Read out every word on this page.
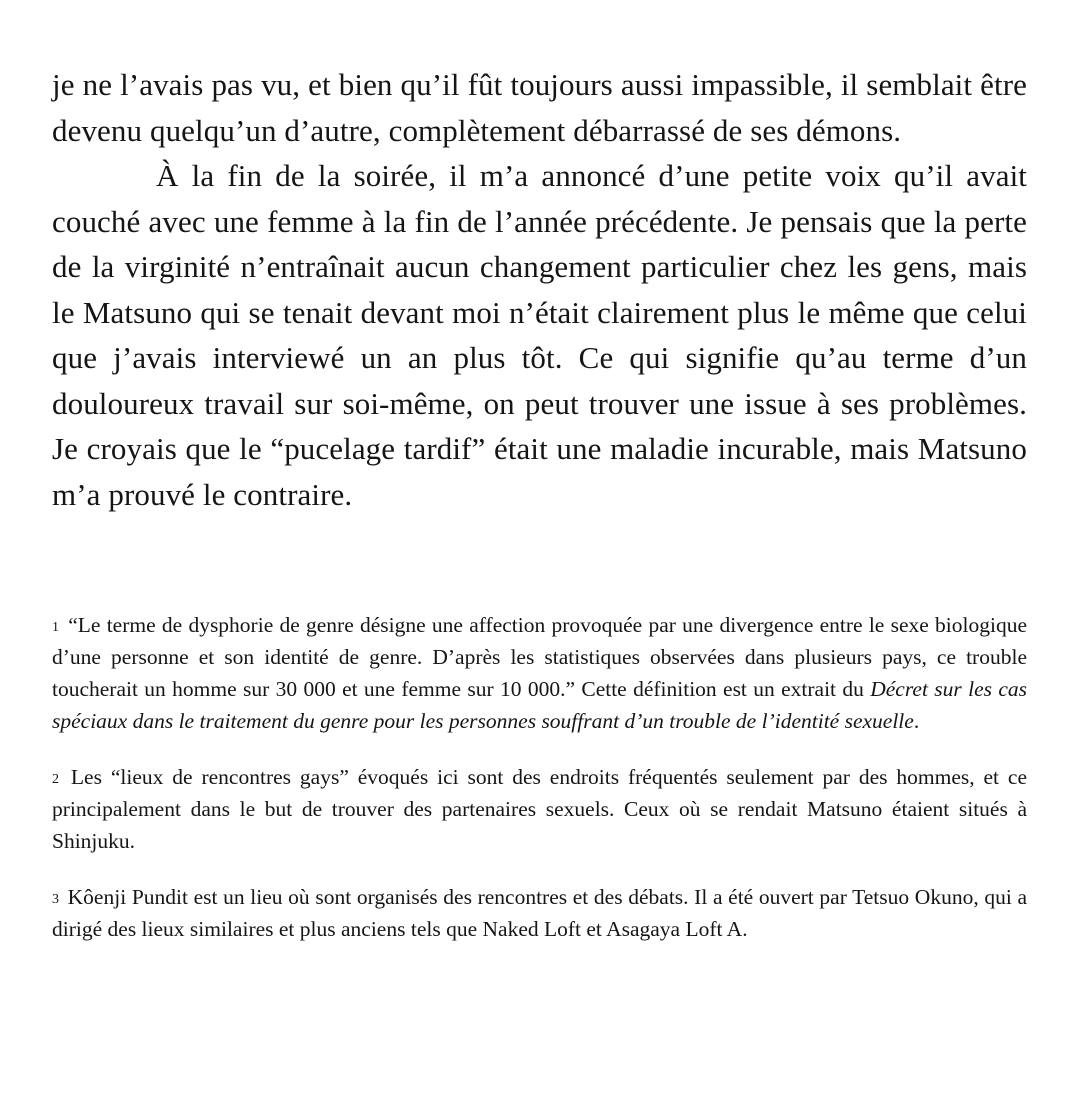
je ne l’avais pas vu, et bien qu’il fût toujours aussi impassible, il semblait être devenu quelqu’un d’autre, complètement débarrassé de ses démons.

À la fin de la soirée, il m’a annoncé d’une petite voix qu’il avait couché avec une femme à la fin de l’année précédente. Je pensais que la perte de la virginité n’entraînait aucun changement particulier chez les gens, mais le Matsuno qui se tenait devant moi n’était clairement plus le même que celui que j’avais interviewé un an plus tôt. Ce qui signifie qu’au terme d’un douloureux travail sur soi-même, on peut trouver une issue à ses problèmes. Je croyais que le “pucelage tardif” était une maladie incurable, mais Matsuno m’a prouvé le contraire.

$^1$ “Le terme de dysphorie de genre désigne une affection provoquée par une divergence entre le sexe biologique d’une personne et son identité de genre. D’après les statistiques observées dans plusieurs pays, ce trouble toucherait un homme sur 30 000 et une femme sur 10 000.” Cette définition est un extrait du Décret sur les cas spéciaux dans le traitement du genre pour les personnes souffrant d’un trouble de l’identité sexuelle.

$^2$ Les “lieux de rencontres gays” évoqués ici sont des endroits fréquentés seulement par des hommes, et ce principalement dans le but de trouver des partenaires sexuels. Ceux où se rendait Matsuno étaient situés à Shinjuku.

$^3$ Kôenji Pundit est un lieu où sont organisés des rencontres et des débats. Il a été ouvert par Tetsuo Okuno, qui a dirigé des lieux similaires et plus anciens tels que Naked Loft et Asagaya Loft A.
